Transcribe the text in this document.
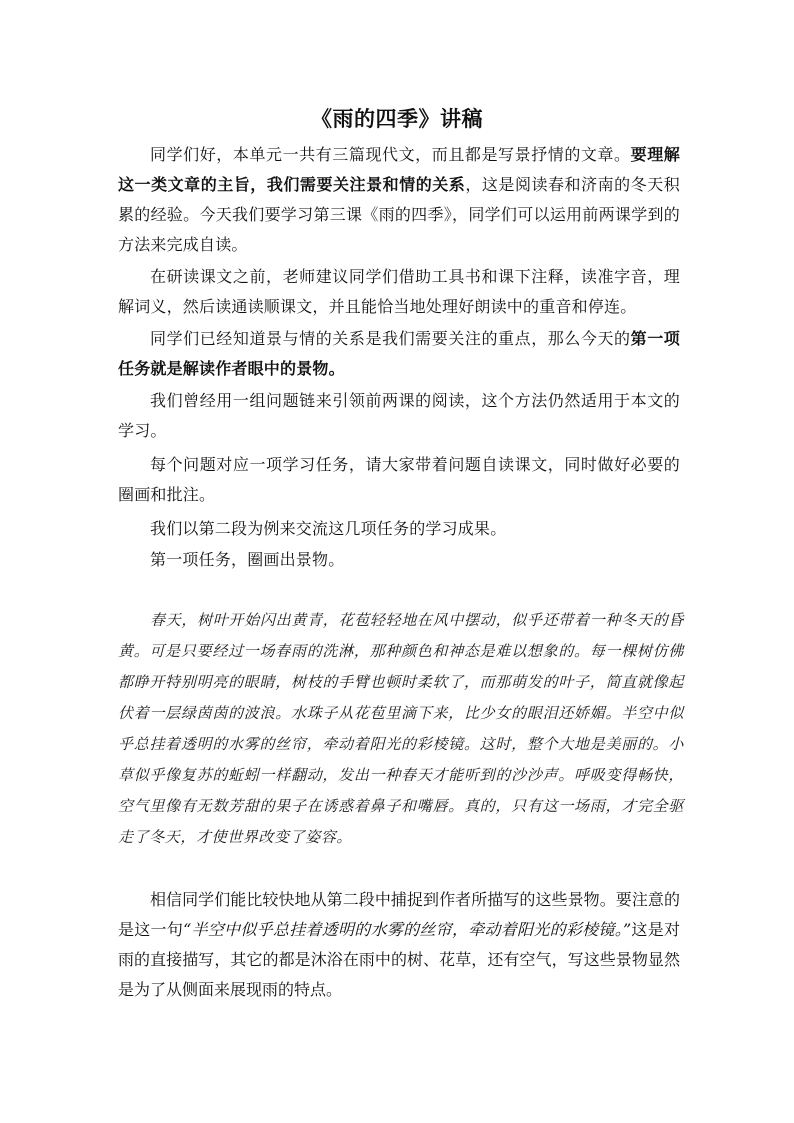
《雨的四季》讲稿

同学们好，本单元一共有三篇现代文，而且都是写景抒情的文章。要理解这一类文章的主旨，我们需要关注景和情的关系，这是阅读春和济南的冬天积累的经验。今天我们要学习第三课《雨的四季》，同学们可以运用前两课学到的方法来完成自读。

在研读课文之前，老师建议同学们借助工具书和课下注释，读准字音，理解词义，然后读通读顺课文，并且能恰当地处理好朗读中的重音和停连。

同学们已经知道景与情的关系是我们需要关注的重点，那么今天的第一项任务就是解读作者眼中的景物。

我们曾经用一组问题链来引领前两课的阅读，这个方法仍然适用于本文的学习。

每个问题对应一项学习任务，请大家带着问题自读课文，同时做好必要的圈画和批注。

我们以第二段为例来交流这几项任务的学习成果。

第一项任务，圈画出景物。

春天，树叶开始闪出黄青，花苞轻轻地在风中摆动，似乎还带着一种冬天的昏黄。可是只要经过一场春雨的洗淋，那种颜色和神态是难以想象的。每一棵树仿佛都睁开特别明亮的眼睛，树枝的手臂也顿时柔软了，而那萌发的叶子，简直就像起伏着一层绿茵茵的波浪。水珠子从花苞里滴下来，比少女的眼泪还娇媚。半空中似乎总挂着透明的水雾的丝帘，牵动着阳光的彩棱镜。这时，整个大地是美丽的。小草似乎像复苏的蚯蚓一样翻动，发出一种春天才能听到的沙沙声。呼吸变得畅快，空气里像有无数芳甜的果子在诱惑着鼻子和嘴唇。真的，只有这一场雨，才完全驱走了冬天，才使世界改变了姿容。

相信同学们能比较快地从第二段中捕捉到作者所描写的这些景物。要注意的是这一句“半空中似乎总挂着透明的水雾的丝帘，牵动着阳光的彩棱镜。”这是对雨的直接描写，其它的都是沐浴在雨中的树、花草，还有空气，写这些景物显然是为了从侧面来展现雨的特点。
